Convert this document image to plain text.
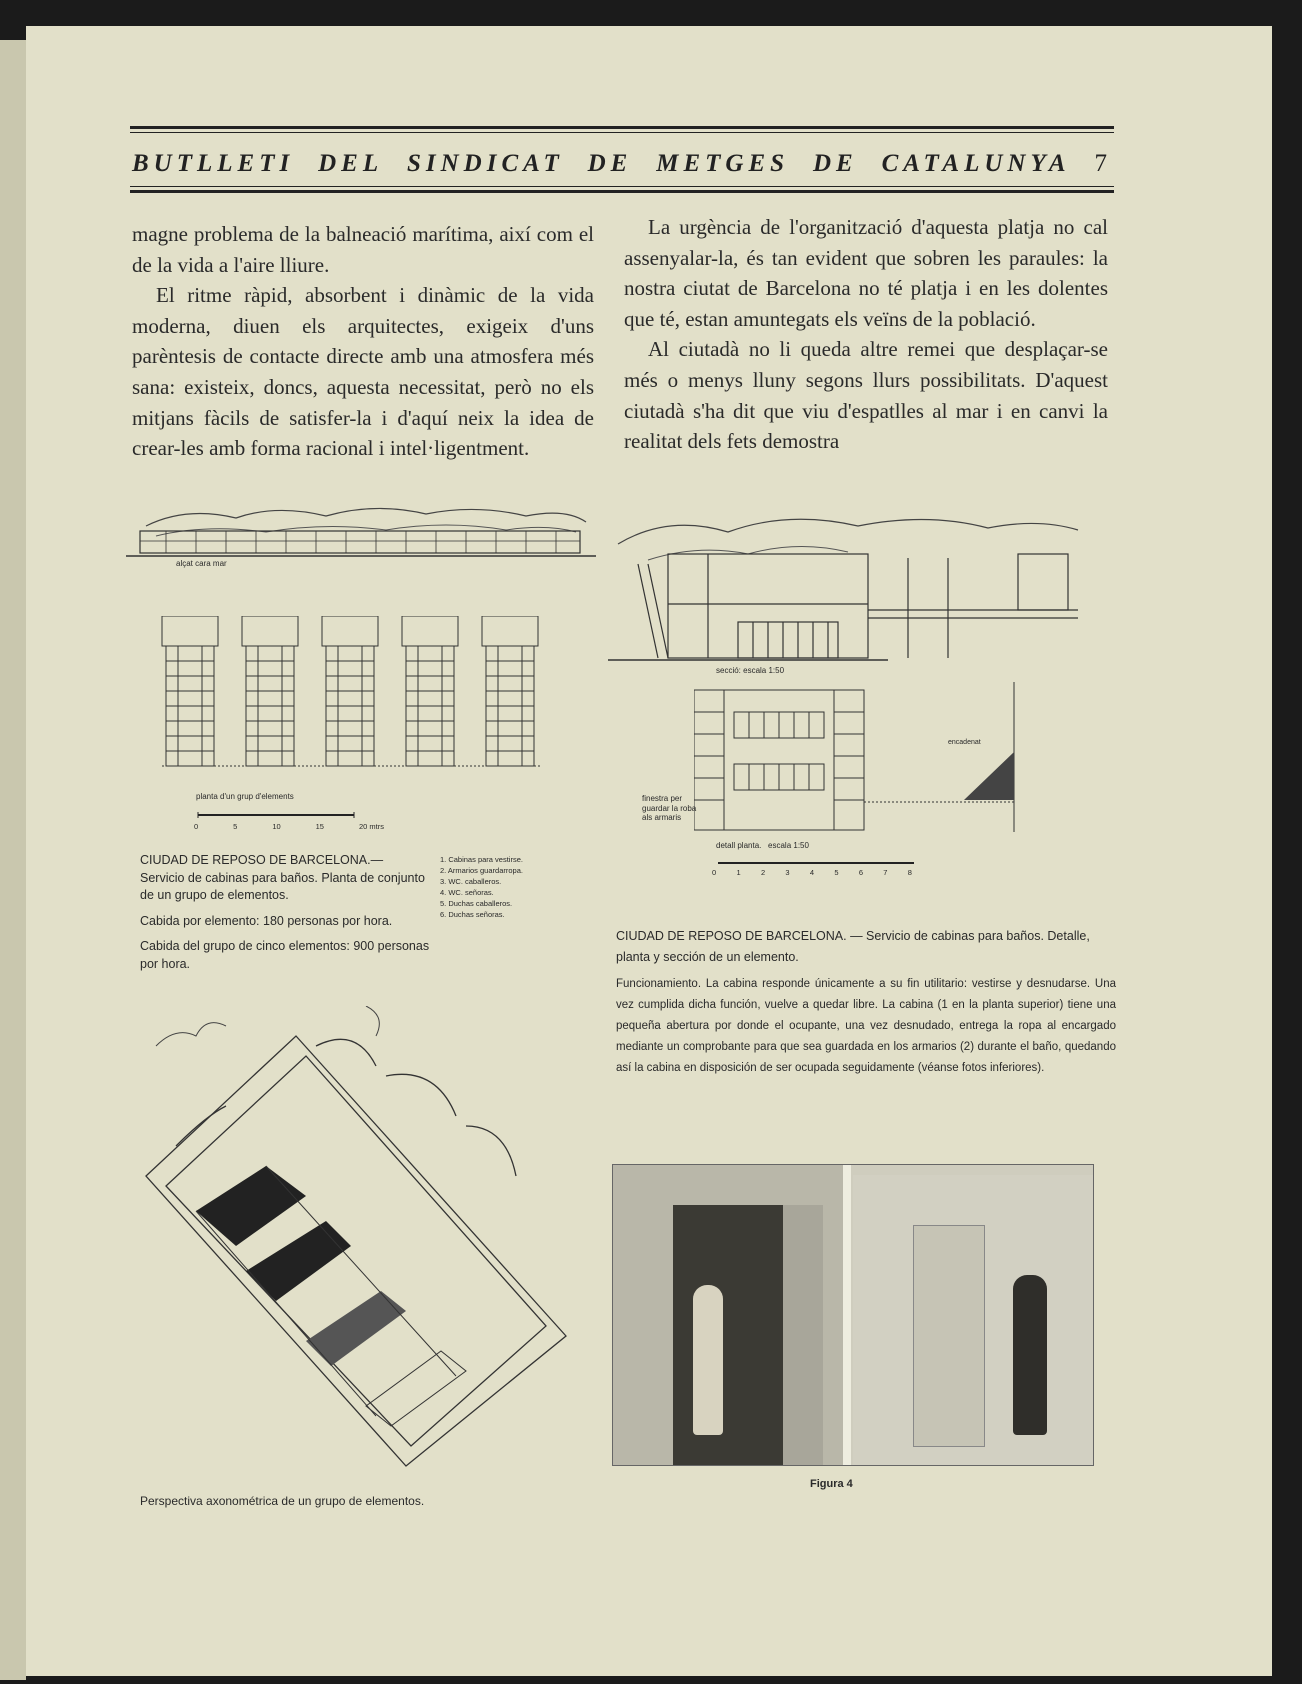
BUTLLETI DEL SINDICAT DE METGES DE CATALUNYA 7

magne problema de la balneació marítima, així com el de la vida a l'aire lliure.

El ritme ràpid, absorbent i dinàmic de la vida moderna, diuen els arquitectes, exigeix d'uns parèntesis de contacte directe amb una atmosfera més sana: existeix, doncs, aquesta necessitat, però no els mitjans fàcils de satisfer-la i d'aquí neix la idea de crear-les amb forma racional i intel·ligentment.

La urgència de l'organització d'aquesta platja no cal assenyalar-la, és tan evident que sobren les paraules: la nostra ciutat de Barcelona no té platja i en les dolentes que té, estan amuntegats els veïns de la població.

Al ciutadà no li queda altre remei que desplaçar-se més o menys lluny segons llurs possibilitats. D'aquest ciutadà s'ha dit que viu d'espatlles al mar i en canvi la realitat dels fets demostra

alçat cara mar
planta d'un grup d'elements
0	5	10	15	20 mtrs

CIUDAD DE REPOSO DE BARCELONA.— Servicio de cabinas para baños. Planta de conjunto de un grupo de elementos.

Cabida por elemento: 180 personas por hora.

Cabida del grupo de cinco elementos: 900 personas por hora.

1. Cabinas para vestirse.
2. Armarios guardarropa.
3. WC. caballeros.
4. WC. señoras.
5. Duchas caballeros.
6. Duchas señoras.
secció: escala 1:50
encadenat
finestra per guardar la roba als armaris
detall planta.   escala 1:50
0	1	2	3	4	5	6	7	8

CIUDAD DE REPOSO DE BARCELONA. — Servicio de cabinas para baños. Detalle, planta y sección de un elemento.

Funcionamiento. La cabina responde únicamente a su fin utilitario: vestirse y desnudarse. Una vez cumplida dicha función, vuelve a quedar libre. La cabina (1 en la planta superior) tiene una pequeña abertura por donde el ocupante, una vez desnudado, entrega la ropa al encargado mediante un comprobante para que sea guardada en los armarios (2) durante el baño, quedando así la cabina en disposición de ser ocupada seguidamente (véanse fotos inferiores).

Perspectiva axonométrica de un grupo de elementos.
Figura 4
